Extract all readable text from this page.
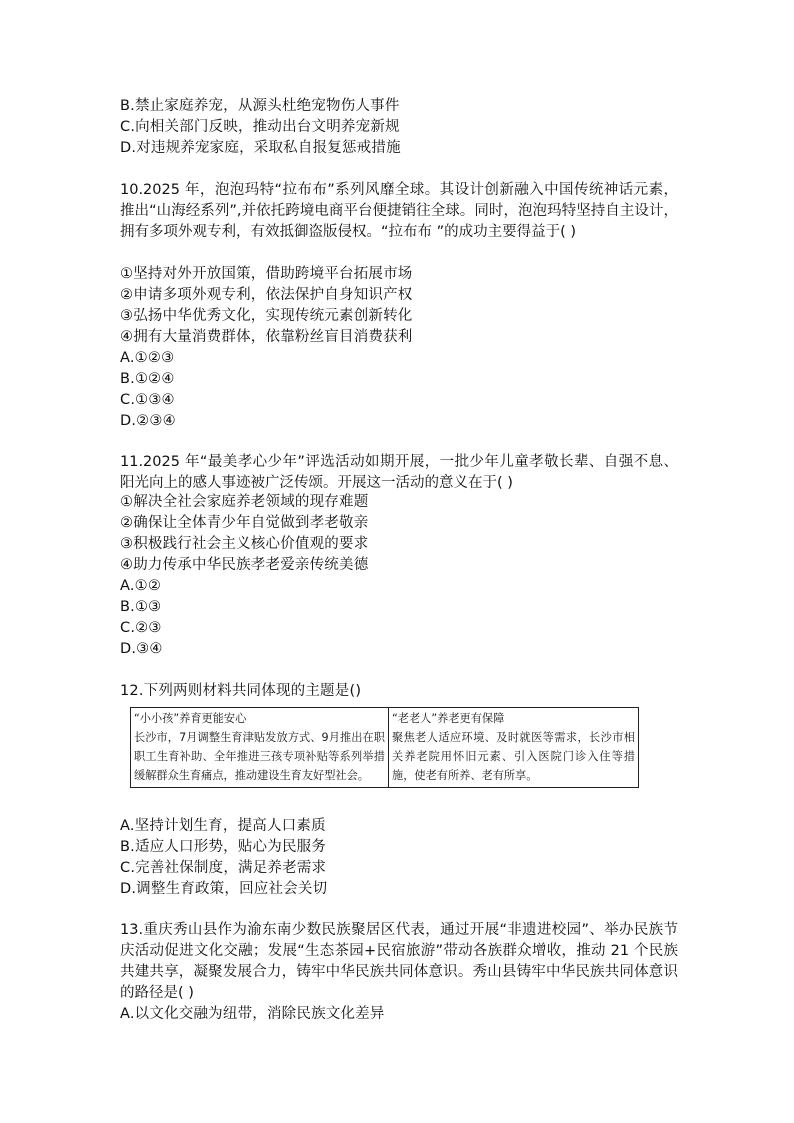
B.禁止家庭养宠，从源头杜绝宠物伤人事件
C.向相关部门反映，推动出台文明养宠新规
D.对违规养宠家庭，采取私自报复惩戒措施
10.2025 年，泡泡玛特“拉布布”系列风靡全球。其设计创新融入中国传统神话元素，推出“山海经系列”,并依托跨境电商平台便捷销往全球。同时，泡泡玛特坚持自主设计，拥有多项外观专利，有效抵御盗版侵权。“拉布布 ”的成功主要得益于( )
①坚持对外开放国策，借助跨境平台拓展市场
②申请多项外观专利，依法保护自身知识产权
③弘扬中华优秀文化，实现传统元素创新转化
④拥有大量消费群体，依靠粉丝盲目消费获利
A.①②③
B.①②④
C.①③④
D.②③④
11.2025 年“最美孝心少年”评选活动如期开展，一批少年儿童孝敬长辈、自强不息、阳光向上的感人事迹被广泛传颂。开展这一活动的意义在于( )
①解决全社会家庭养老领域的现存难题
②确保让全体青少年自觉做到孝老敬亲
③积极践行社会主义核心价值观的要求
④助力传承中华民族孝老爱亲传统美德
A.①②
B.①③
C.②③
D.③④
12.下列两则材料共同体现的主题是()
“小小孩”养育更能安心
长沙市，7月调整生育津贴发放方式、9月推出在职职工生育补助、全年推进三孩专项补贴等系列举措缓解群众生育痛点，推动建设生育友好型社会。

“老老人”养老更有保障
聚焦老人适应环境、及时就医等需求，长沙市相关养老院用怀旧元素、引入医院门诊入住等措施，使老有所养、老有所享。
A.坚持计划生育，提高人口素质
B.适应人口形势，贴心为民服务
C.完善社保制度，满足养老需求
D.调整生育政策，回应社会关切
13.重庆秀山县作为渝东南少数民族聚居区代表，通过开展“非遗进校园”、举办民族节庆活动促进文化交融；发展“生态茶园+民宿旅游”带动各族群众增收，推动 21 个民族共建共享，凝聚发展合力，铸牢中华民族共同体意识。秀山县铸牢中华民族共同体意识的路径是( )
A.以文化交融为纽带，消除民族文化差异
